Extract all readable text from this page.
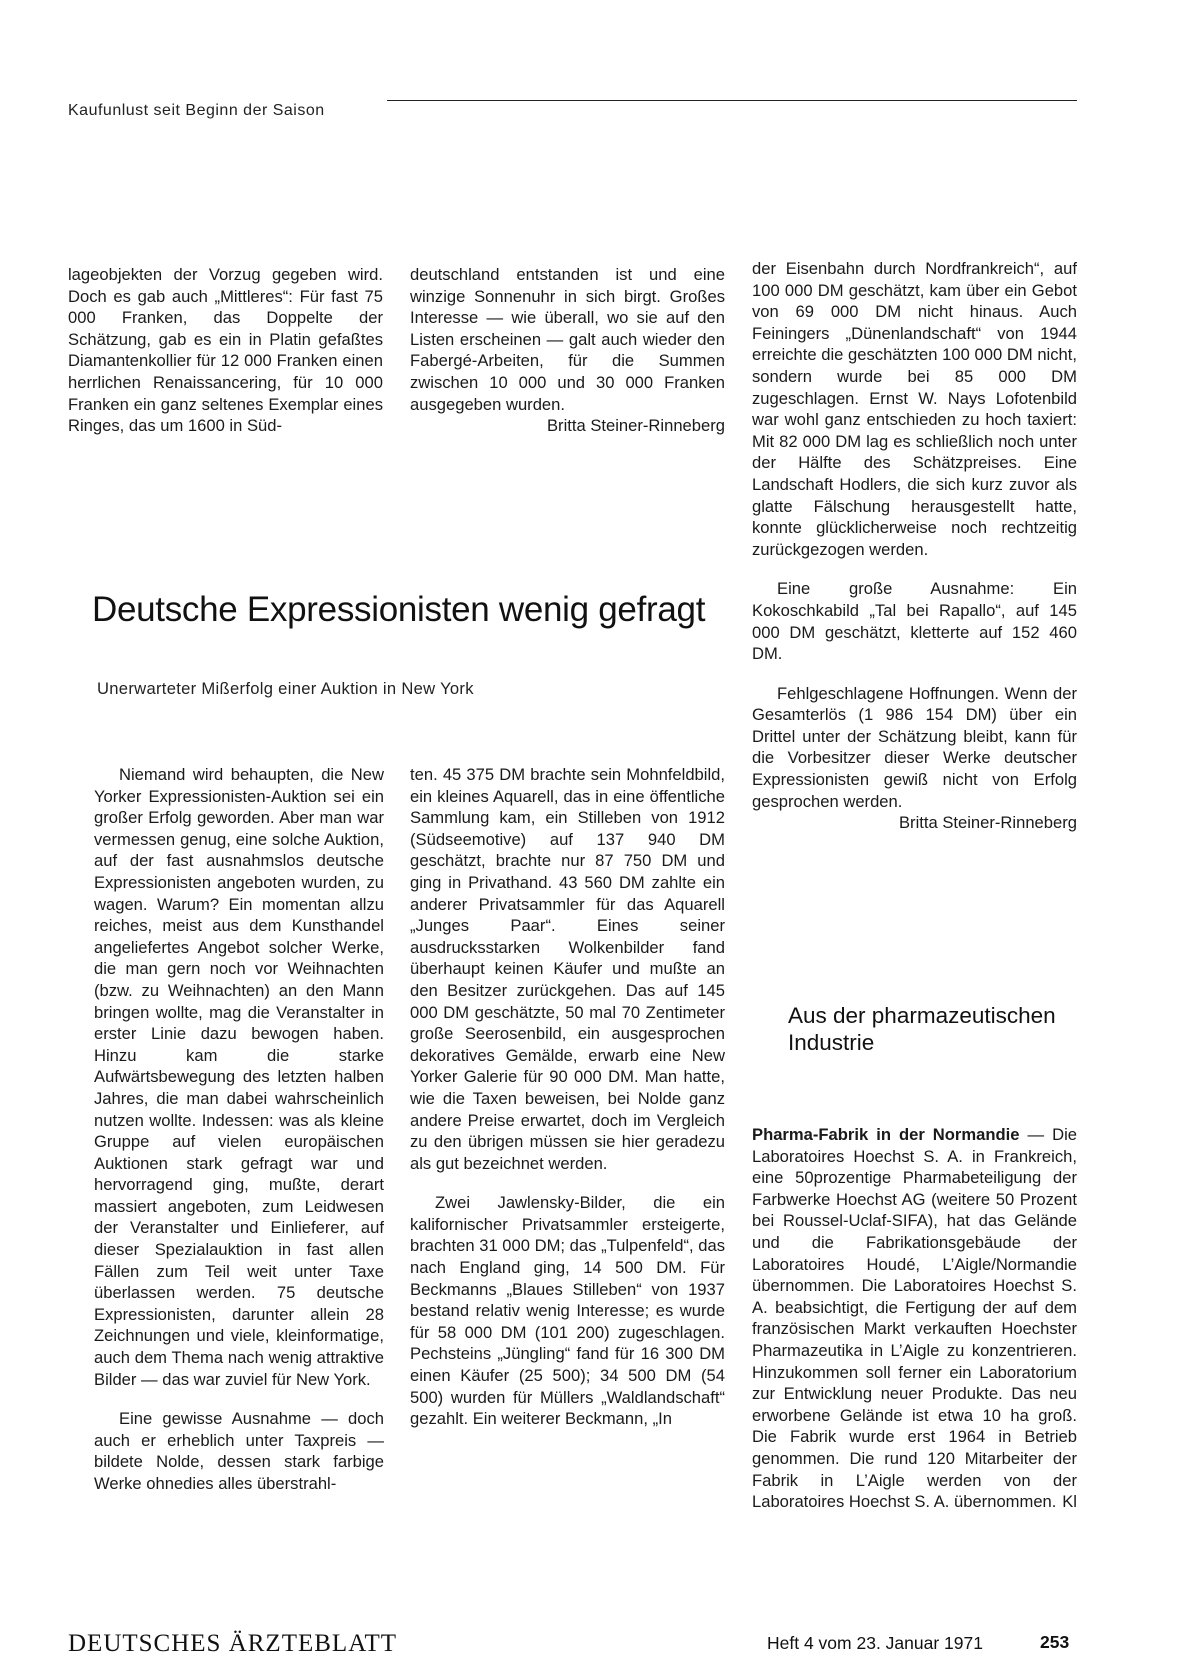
Kaufunlust seit Beginn der Saison

lageobjekten der Vorzug gegeben wird. Doch es gab auch „Mittleres“: Für fast 75 000 Franken, das Doppelte der Schätzung, gab es ein in Platin gefaßtes Diamantenkollier für 12 000 Franken einen herrlichen Renaissancering, für 10 000 Franken ein ganz seltenes Exemplar eines Ringes, das um 1600 in Süd-

deutschland entstanden ist und eine winzige Sonnenuhr in sich birgt. Großes Interesse — wie überall, wo sie auf den Listen erscheinen — galt auch wieder den Fabergé-Arbeiten, für die Summen zwischen 10 000 und 30 000 Franken ausgegeben wurden.

Britta Steiner-Rinneberg

Deutsche Expressionisten wenig gefragt
Unerwarteter Mißerfolg einer Auktion in New York

Niemand wird behaupten, die New Yorker Expressionisten-Auktion sei ein großer Erfolg geworden. Aber man war vermessen genug, eine solche Auktion, auf der fast ausnahmslos deutsche Expressionisten angeboten wurden, zu wagen. Warum? Ein momentan allzu reiches, meist aus dem Kunsthandel angeliefertes Angebot solcher Werke, die man gern noch vor Weihnachten (bzw. zu Weihnachten) an den Mann bringen wollte, mag die Veranstalter in erster Linie dazu bewogen haben. Hinzu kam die starke Aufwärtsbewegung des letzten halben Jahres, die man dabei wahrscheinlich nutzen wollte. Indessen: was als kleine Gruppe auf vielen europäischen Auktionen stark gefragt war und hervorragend ging, mußte, derart massiert angeboten, zum Leidwesen der Veranstalter und Einlieferer, auf dieser Spezialauktion in fast allen Fällen zum Teil weit unter Taxe überlassen werden. 75 deutsche Expressionisten, darunter allein 28 Zeichnungen und viele, kleinformatige, auch dem Thema nach wenig attraktive Bilder — das war zuviel für New York.

Eine gewisse Ausnahme — doch auch er erheblich unter Taxpreis — bildete Nolde, dessen stark farbige Werke ohnedies alles überstrahl-

ten. 45 375 DM brachte sein Mohnfeldbild, ein kleines Aquarell, das in eine öffentliche Sammlung kam, ein Stilleben von 1912 (Südseemotive) auf 137 940 DM geschätzt, brachte nur 87 750 DM und ging in Privathand. 43 560 DM zahlte ein anderer Privatsammler für das Aquarell „Junges Paar“. Eines seiner ausdrucksstarken Wolkenbilder fand überhaupt keinen Käufer und mußte an den Besitzer zurückgehen. Das auf 145 000 DM geschätzte, 50 mal 70 Zentimeter große Seerosenbild, ein ausgesprochen dekoratives Gemälde, erwarb eine New Yorker Galerie für 90 000 DM. Man hatte, wie die Taxen beweisen, bei Nolde ganz andere Preise erwartet, doch im Vergleich zu den übrigen müssen sie hier geradezu als gut bezeichnet werden.

Zwei Jawlensky-Bilder, die ein kalifornischer Privatsammler ersteigerte, brachten 31 000 DM; das „Tulpenfeld“, das nach England ging, 14 500 DM. Für Beckmanns „Blaues Stilleben“ von 1937 bestand relativ wenig Interesse; es wurde für 58 000 DM (101 200) zugeschlagen. Pechsteins „Jüngling“ fand für 16 300 DM einen Käufer (25 500); 34 500 DM (54 500) wurden für Müllers „Waldlandschaft“ gezahlt. Ein weiterer Beckmann, „In

der Eisenbahn durch Nordfrankreich“, auf 100 000 DM geschätzt, kam über ein Gebot von 69 000 DM nicht hinaus. Auch Feiningers „Dünenlandschaft“ von 1944 erreichte die geschätzten 100 000 DM nicht, sondern wurde bei 85 000 DM zugeschlagen. Ernst W. Nays Lofotenbild war wohl ganz entschieden zu hoch taxiert: Mit 82 000 DM lag es schließlich noch unter der Hälfte des Schätzpreises. Eine Landschaft Hodlers, die sich kurz zuvor als glatte Fälschung herausgestellt hatte, konnte glücklicherweise noch rechtzeitig zurückgezogen werden.

Eine große Ausnahme: Ein Kokoschkabild „Tal bei Rapallo“, auf 145 000 DM geschätzt, kletterte auf 152 460 DM.

Fehlgeschlagene Hoffnungen. Wenn der Gesamterlös (1 986 154 DM) über ein Drittel unter der Schätzung bleibt, kann für die Vorbesitzer dieser Werke deutscher Expressionisten gewiß nicht von Erfolg gesprochen werden.

Britta Steiner-Rinneberg

Aus der pharmazeutischen Industrie

Pharma-Fabrik in der Normandie — Die Laboratoires Hoechst S. A. in Frankreich, eine 50prozentige Pharmabeteiligung der Farbwerke Hoechst AG (weitere 50 Prozent bei Roussel-Uclaf-SIFA), hat das Gelände und die Fabrikationsgebäude der Laboratoires Houdé, L’Aigle/Normandie übernommen. Die Laboratoires Hoechst S. A. beabsichtigt, die Fertigung der auf dem französischen Markt verkauften Hoechster Pharmazeutika in L’Aigle zu konzentrieren. Hinzukommen soll ferner ein Laboratorium zur Entwicklung neuer Produkte. Das neu erworbene Gelände ist etwa 10 ha groß. Die Fabrik wurde erst 1964 in Betrieb genommen. Die rund 120 Mitarbeiter der Fabrik in L’Aigle werden von der Laboratoires Hoechst S. A. übernommen. Kl

DEUTSCHES ÄRZTEBLATT	Heft 4 vom 23. Januar 1971	253
